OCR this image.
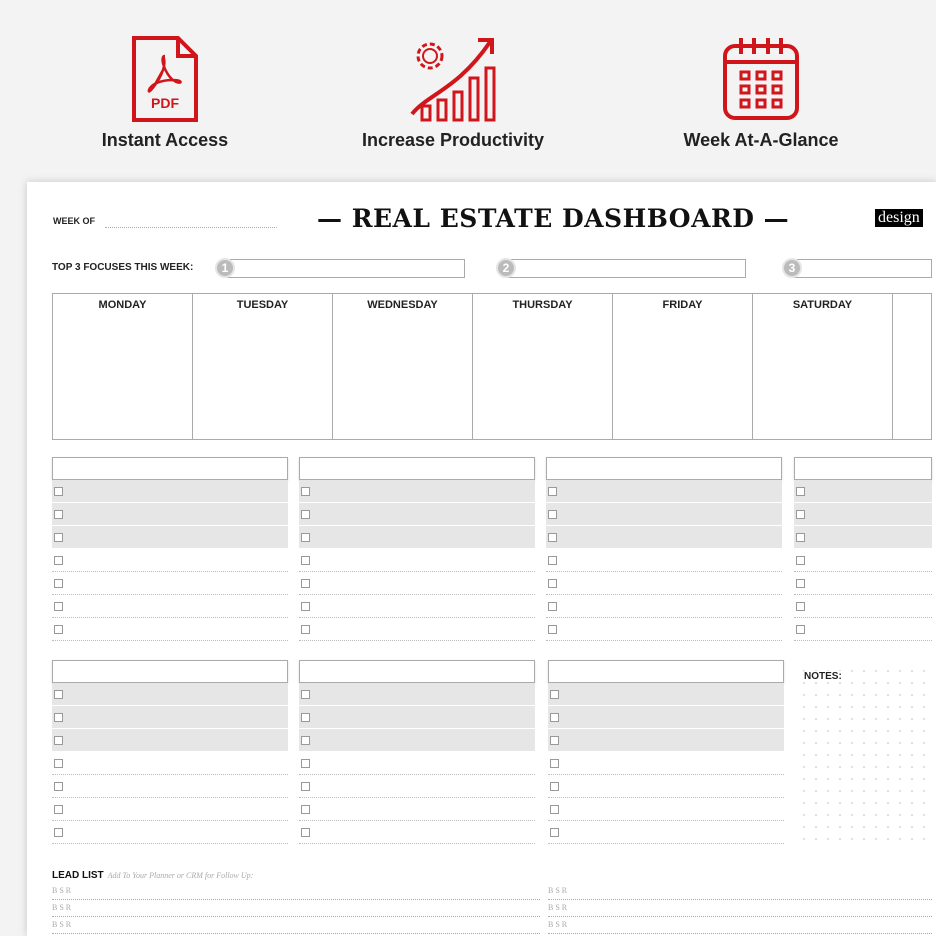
PDF
Instant Access	Increase Productivity	Week At-A-Glance
WEEK OF	— REAL ESTATE DASHBOARD —	design
TOP 3 FOCUSES THIS WEEK:	1	2	3
MONDAY	TUESDAY	WEDNESDAY	THURSDAY	FRIDAY	SATURDAY
NOTES:
LEAD LIST Add To Your Planner or CRM for Follow Up:
B S R
B S R
B S R
B S R
B S R
B S R
